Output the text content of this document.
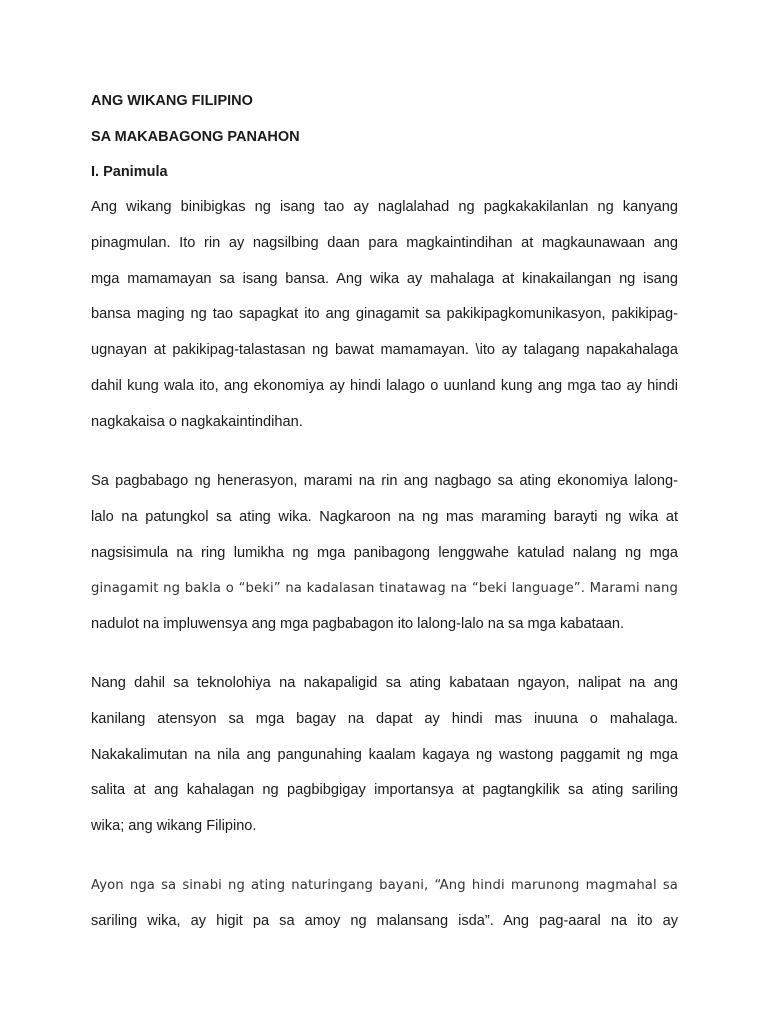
ANG WIKANG FILIPINO
SA MAKABAGONG PANAHON
I. Panimula
Ang wikang binibigkas ng isang tao ay naglalahad ng pagkakakilanlan ng kanyang
pinagmulan. Ito rin ay nagsilbing daan para magkaintindihan at magkaunawaan ang
mga mamamayan sa isang bansa. Ang wika ay mahalaga at kinakailangan ng isang
bansa maging ng tao sapagkat ito ang ginagamit sa pakikipagkomunikasyon, pakikipag-
ugnayan at pakikipag-talastasan ng bawat mamamayan. \ito ay talagang napakahalaga
dahil kung wala ito, ang ekonomiya ay hindi lalago o uunland kung ang mga tao ay hindi
nagkakaisa o nagkakaintindihan.
Sa pagbabago ng henerasyon, marami na rin ang nagbago sa ating ekonomiya lalong-
lalo na patungkol sa ating wika. Nagkaroon na ng mas maraming barayti ng wika at
nagsisimula na ring lumikha ng mga panibagong lenggwahe katulad nalang ng mga
ginagamit ng bakla o “beki” na kadalasan tinatawag na “beki language”. Marami nang
nadulot na impluwensya ang mga pagbabagon ito lalong-lalo na sa mga kabataan.
Nang dahil sa teknolohiya na nakapaligid sa ating kabataan ngayon, nalipat na ang
kanilang atensyon sa mga bagay na dapat ay hindi mas inuuna o mahalaga.
Nakakalimutan na nila ang pangunahing kaalam kagaya ng wastong paggamit ng mga
salita at ang kahalagan ng pagbibgigay importansya at pagtangkilik sa ating sariling
wika; ang wikang Filipino.
Ayon nga sa sinabi ng ating naturingang bayani, “Ang hindi marunong magmahal sa
sariling wika, ay higit pa sa amoy ng malansang isda”. Ang pag-aaral na ito ay
